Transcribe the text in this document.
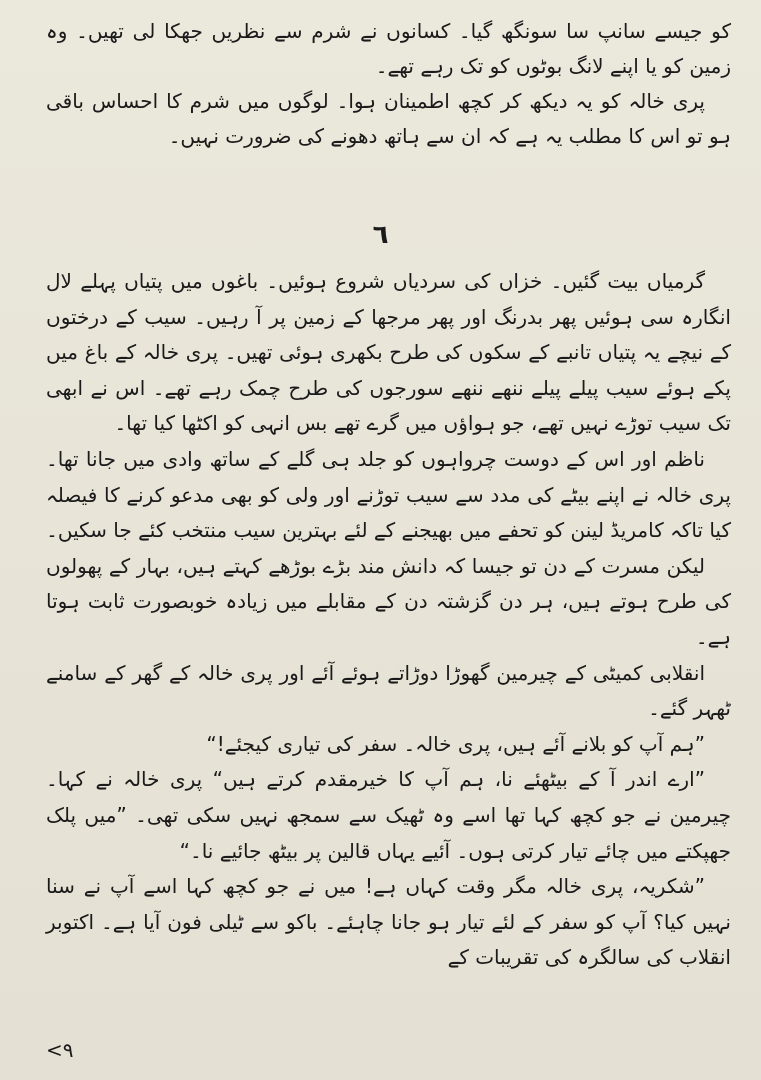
کو جیسے سانپ سا سونگھ گیا۔ کسانوں نے شرم سے نظریں جھکا لی تھیں۔ وہ زمین کو یا اپنے لانگ بوٹوں کو تک رہے تھے۔

پری خالہ کو یہ دیکھ کر کچھ اطمینان ہوا۔ لوگوں میں شرم کا احساس باقی ہو تو اس کا مطلب یہ ہے کہ ان سے ہاتھ دھونے کی ضرورت نہیں۔

٦

گرمیاں بیت گئیں۔ خزاں کی سردیاں شروع ہوئیں۔ باغوں میں پتیاں پہلے لال انگارہ سی ہوئیں پھر بدرنگ اور پھر مرجھا کے زمین پر آ رہیں۔ سیب کے درختوں کے نیچے یہ پتیاں تانبے کے سکوں کی طرح بکھری ہوئی تھیں۔ پری خالہ کے باغ میں پکے ہوئے سیب پیلے پیلے ننھے ننھے سورجوں کی طرح چمک رہے تھے۔ اس نے ابھی تک سیب توڑے نہیں تھے، جو ہواؤں میں گرے تھے بس انہی کو اکٹھا کیا تھا۔

ناظم اور اس کے دوست چرواہوں کو جلد ہی گلے کے ساتھ وادی میں جانا تھا۔ پری خالہ نے اپنے بیٹے کی مدد سے سیب توڑنے اور ولی کو بھی مدعو کرنے کا فیصلہ کیا تاکہ کامریڈ لینن کو تحفے میں بھیجنے کے لئے بہترین سیب منتخب کئے جا سکیں۔

لیکن مسرت کے دن تو جیسا کہ دانش مند بڑے بوڑھے کہتے ہیں، بہار کے پھولوں کی طرح ہوتے ہیں، ہر دن گزشتہ دن کے مقابلے میں زیادہ خوبصورت ثابت ہوتا ہے۔

انقلابی کمیٹی کے چیرمین گھوڑا دوڑاتے ہوئے آئے اور پری خالہ کے گھر کے سامنے ٹھہر گئے۔

”ہم آپ کو بلانے آئے ہیں، پری خالہ۔ سفر کی تیاری کیجئے!“

”ارے اندر آ کے بیٹھئے نا، ہم آپ کا خیرمقدم کرتے ہیں“ پری خالہ نے کہا۔ چیرمین نے جو کچھ کہا تھا اسے وہ ٹھیک سے سمجھ نہیں سکی تھی۔ ”میں پلک جھپکتے میں چائے تیار کرتی ہوں۔ آئیے یہاں قالین پر بیٹھ جائیے نا۔“

”شکریہ، پری خالہ مگر وقت کہاں ہے! میں نے جو کچھ کہا اسے آپ نے سنا نہیں کیا؟ آپ کو سفر کے لئے تیار ہو جانا چاہئے۔ باکو سے ٹیلی فون آیا ہے۔ اکتوبر انقلاب کی سالگرہ کی تقریبات کے

<٩
